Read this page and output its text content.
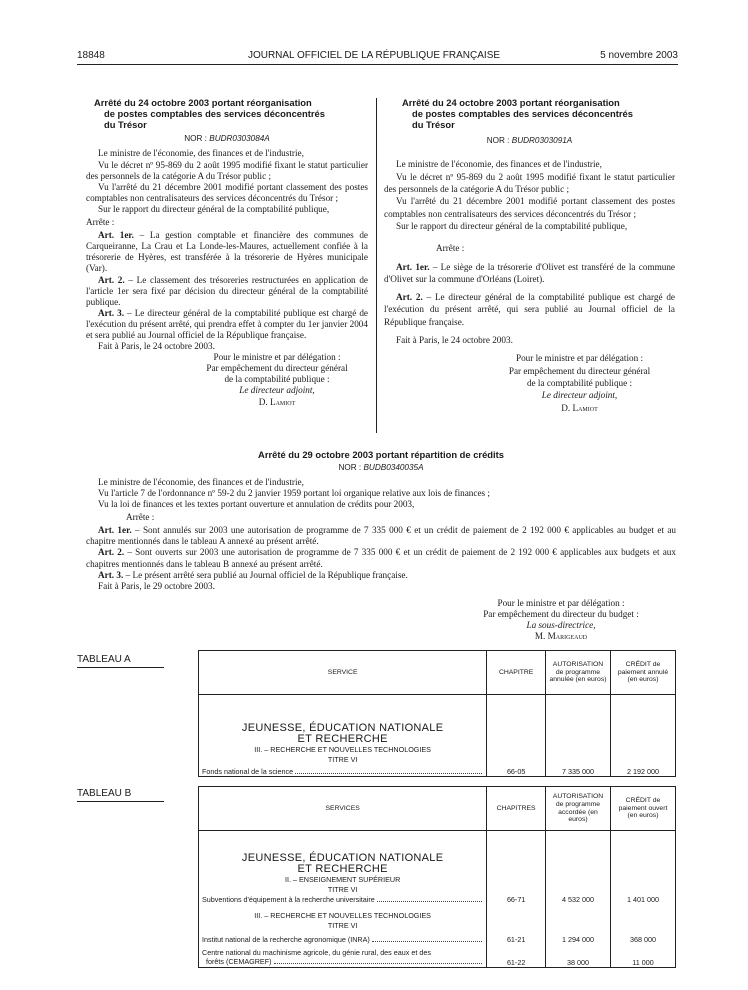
18848	JOURNAL OFFICIEL DE LA RÉPUBLIQUE FRANÇAISE	5 novembre 2003
Arrêté du 24 octobre 2003 portant réorganisation
de postes comptables des services déconcentrés
du Trésor
NOR : BUDR0303084A

Le ministre de l'économie, des finances et de l'industrie,

Vu le décret nº 95-869 du 2 août 1995 modifié fixant le statut particulier des personnels de la catégorie A du Trésor public ;

Vu l'arrêté du 21 décembre 2001 modifié portant classement des postes comptables non centralisateurs des services déconcentrés du Trésor ;

Sur le rapport du directeur général de la comptabilité publique,

Arrête :

Art. 1er. – La gestion comptable et financière des communes de Carqueiranne, La Crau et La Londe-les-Maures, actuellement confiée à la trésorerie de Hyères, est transférée à la trésorerie de Hyères municipale (Var).

Art. 2. – Le classement des trésoreries restructurées en application de l'article 1er sera fixé par décision du directeur général de la comptabilité publique.

Art. 3. – Le directeur général de la comptabilité publique est chargé de l'exécution du présent arrêté, qui prendra effet à compter du 1er janvier 2004 et sera publié au Journal officiel de la République française.

Fait à Paris, le 24 octobre 2003.

Pour le ministre et par délégation :
Par empêchement du directeur général
de la comptabilité publique :
Le directeur adjoint,
D. Lamiot
Arrêté du 24 octobre 2003 portant réorganisation
de postes comptables des services déconcentrés
du Trésor
NOR : BUDR0303091A

Le ministre de l'économie, des finances et de l'industrie,

Vu le décret nº 95-869 du 2 août 1995 modifié fixant le statut particulier des personnels de la catégorie A du Trésor public ;

Vu l'arrêté du 21 décembre 2001 modifié portant classement des postes comptables non centralisateurs des services déconcentrés du Trésor ;

Sur le rapport du directeur général de la comptabilité publique,

Arrête :

Art. 1er. – Le siège de la trésorerie d'Olivet est transféré de la commune d'Olivet sur la commune d'Orléans (Loiret).

Art. 2. – Le directeur général de la comptabilité publique est chargé de l'exécution du présent arrêté, qui sera publié au Journal officiel de la République française.

Fait à Paris, le 24 octobre 2003.

Pour le ministre et par délégation :
Par empêchement du directeur général
de la comptabilité publique :
Le directeur adjoint,
D. Lamiot
Arrêté du 29 octobre 2003 portant répartition de crédits
NOR : BUDB0340035A

Le ministre de l'économie, des finances et de l'industrie,

Vu l'article 7 de l'ordonnance nº 59-2 du 2 janvier 1959 portant loi organique relative aux lois de finances ;

Vu la loi de finances et les textes portant ouverture et annulation de crédits pour 2003,

Arrête :

Art. 1er. – Sont annulés sur 2003 une autorisation de programme de 7 335 000 € et un crédit de paiement de 2 192 000 € applicables au budget et au chapitre mentionnés dans le tableau A annexé au présent arrêté.

Art. 2. – Sont ouverts sur 2003 une autorisation de programme de 7 335 000 € et un crédit de paiement de 2 192 000 € applicables aux budgets et aux chapitres mentionnés dans le tableau B annexé au présent arrêté.

Art. 3. – Le présent arrêté sera publié au Journal officiel de la République française.

Fait à Paris, le 29 octobre 2003.

Pour le ministre et par délégation :
Par empêchement du directeur du budget :
La sous-directrice,
M. Marigeaud
TABLEAU A
SERVICE	CHAPITRE	AUTORISATION de programme annulée (en euros)	CRÉDIT de paiement annulé (en euros)

JEUNESSE, ÉDUCATION NATIONALE
ET RECHERCHE
III. – RECHERCHE ET NOUVELLES TECHNOLOGIES
TITRE VI
Fonds national de la science	66-05	7 335 000	2 192 000
TABLEAU B
SERVICES	CHAPITRES	AUTORISATION de programme accordée (en euros)	CRÉDIT de paiement ouvert (en euros)

JEUNESSE, ÉDUCATION NATIONALE
ET RECHERCHE
II. – ENSEIGNEMENT SUPÉRIEUR
TITRE VI
Subventions d'équipement à la recherche universitaire	66-71	4 532 000	1 401 000

III. – RECHERCHE ET NOUVELLES TECHNOLOGIES
TITRE VI
Institut national de la recherche agronomique (INRA)	61-21	1 294 000	368 000

Centre national du machinisme agricole, du génie rural, des eaux et des
forêts (CEMAGREF)	61-22	38 000	11 000
